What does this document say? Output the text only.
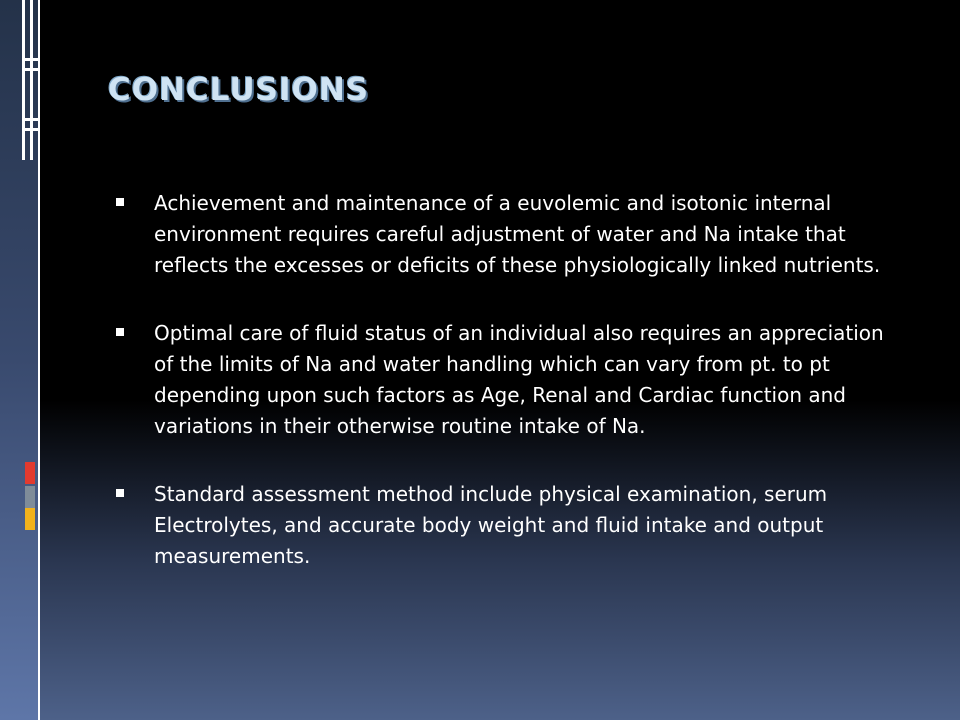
conclusions
Achievement and maintenance of a euvolemic and isotonic internal environment requires careful adjustment of water and Na intake that reflects the excesses or deficits of these physiologically linked nutrients.
Optimal care of fluid status of an individual also requires an appreciation of the limits of Na and water handling which can vary from pt. to pt depending upon such factors as Age, Renal and Cardiac function and variations in their otherwise routine intake of Na.
Standard assessment method include physical examination, serum Electrolytes, and accurate body weight and fluid intake and output measurements.
